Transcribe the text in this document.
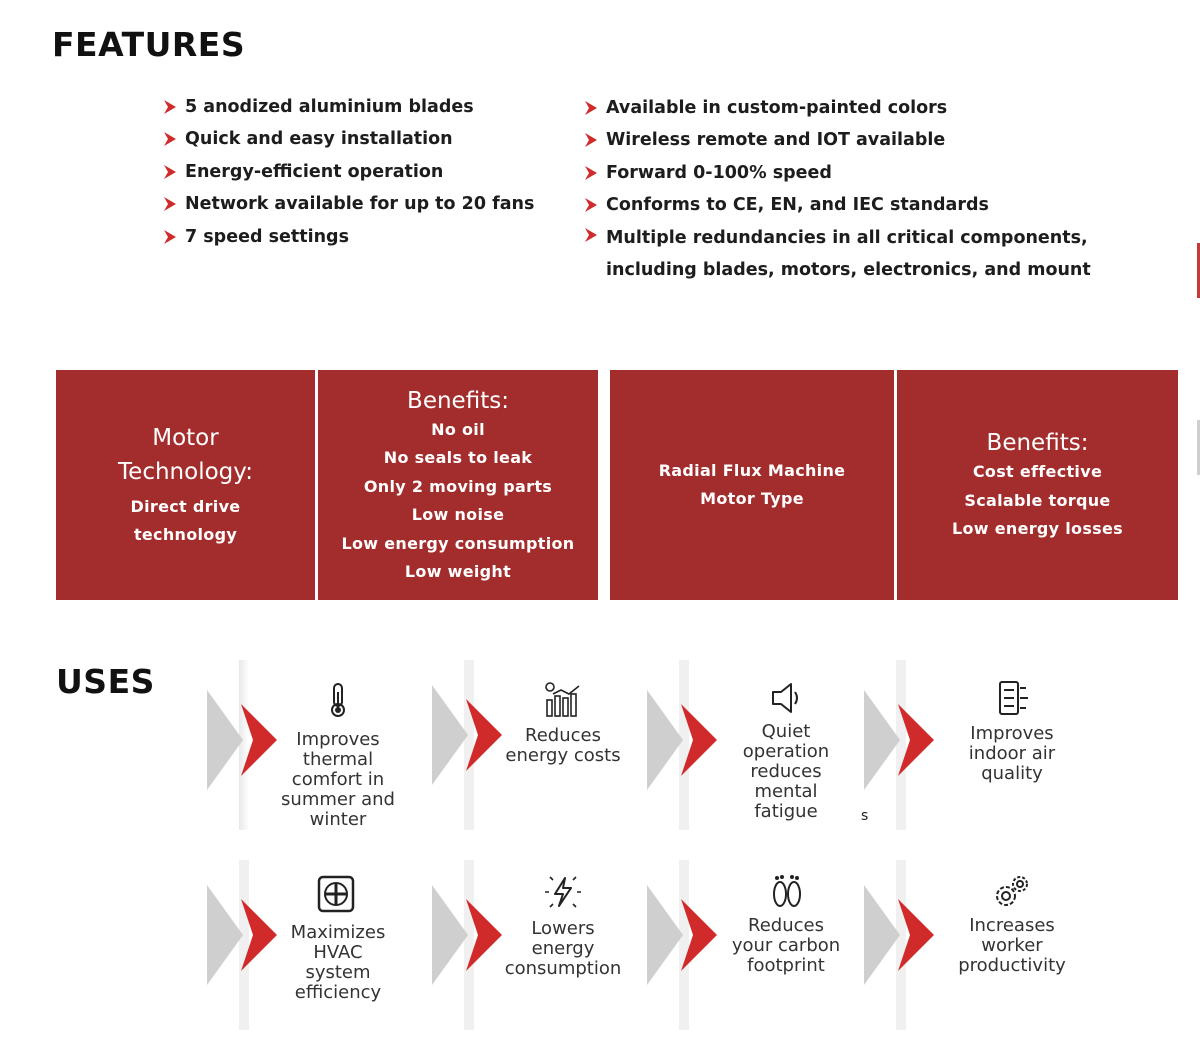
FEATURES
5 anodized aluminium blades
Quick and easy installation
Energy-efficient operation
Network available for up to 20 fans
7 speed settings
Available in custom-painted colors
Wireless remote and IOT available
Forward 0-100% speed
Conforms to CE, EN, and IEC standards
Multiple redundancies in all critical components,
including blades, motors, electronics, and mount
Motor
Technology:
Direct drive
technology
Benefits:
No oil
No seals to leak
Only 2 moving parts
Low noise
Low energy consumption
Low weight
Radial Flux Machine
Motor Type
Benefits:
Cost effective
Scalable torque
Low energy losses
USES
Improves
thermal
comfort in
summer and
winter
Reduces
energy costs
Quiet
operation
reduces
mental
fatigue	s
Improves
indoor air
quality
Maximizes
HVAC
system
efficiency
Lowers
energy
consumption
Reduces
your carbon
footprint
Increases
worker
productivity
